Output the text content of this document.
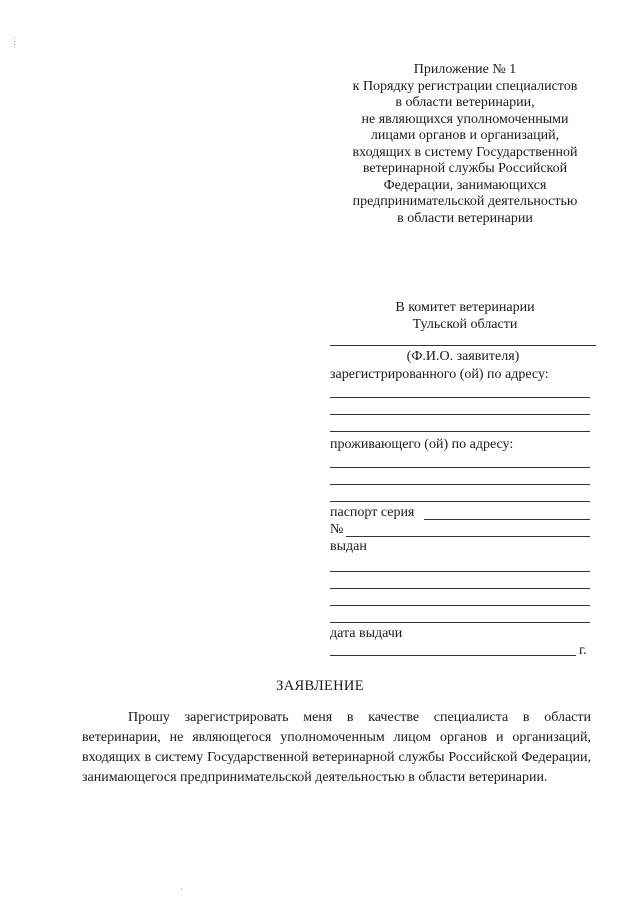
⋮
Приложение № 1
к Порядку регистрации специалистов
в области ветеринарии,
не являющихся уполномоченными
лицами органов и организаций,
входящих в систему Государственной
ветеринарной службы Российской
Федерации, занимающихся
предпринимательской деятельностью
в области ветеринарии
В комитет ветеринарии
Тульской области
(Ф.И.О. заявителя)
зарегистрированного (ой) по адресу:
проживающего (ой) по адресу:
паспорт серия
№
выдан
дата выдачи
г.
ЗАЯВЛЕНИЕ
Прошу зарегистрировать меня в качестве специалиста в области ветеринарии, не являющегося уполномоченным лицом органов и организаций, входящих в систему Государственной ветеринарной службы Российской Федерации, занимающегося предпринимательской деятельностью в области ветеринарии.
·
